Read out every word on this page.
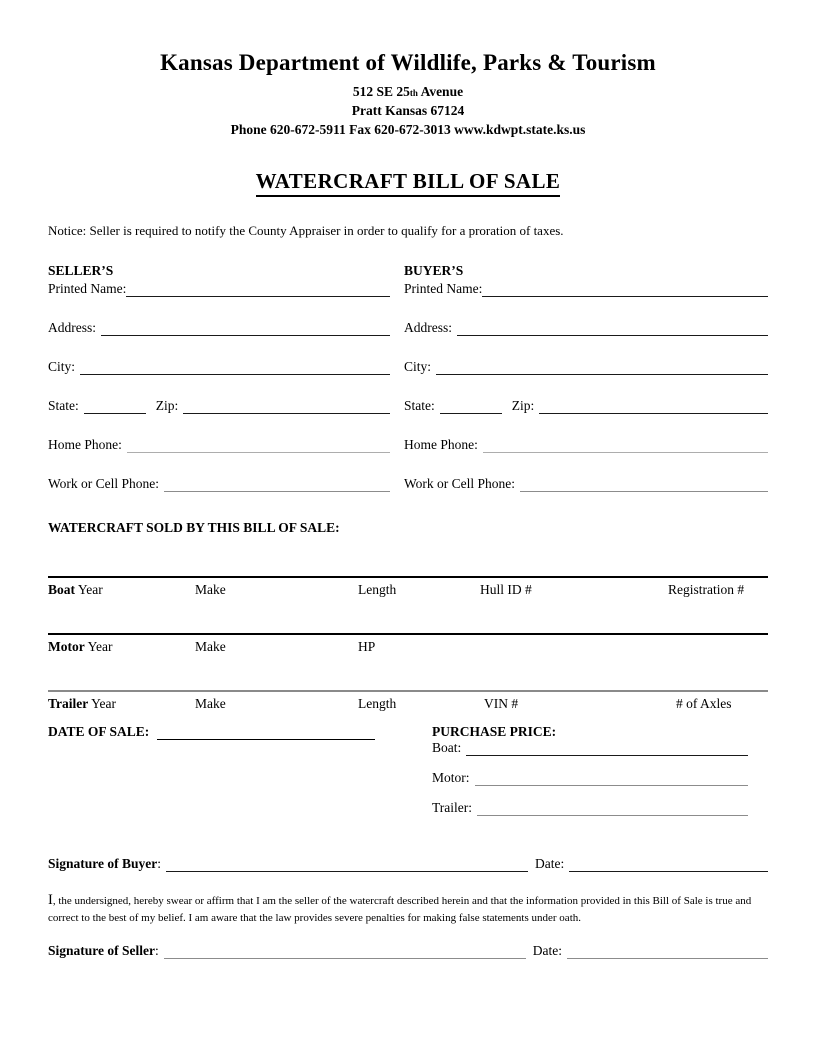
Kansas Department of Wildlife, Parks & Tourism
512 SE 25th Avenue
Pratt Kansas 67124
Phone 620-672-5911 Fax 620-672-3013 www.kdwpt.state.ks.us
WATERCRAFT BILL OF SALE
Notice: Seller is required to notify the County Appraiser in order to qualify for a proration of taxes.
SELLER’S
Printed Name:
Address:
City:
State:	Zip:
Home Phone:
Work or Cell Phone:
BUYER’S
Printed Name:
Address:
City:
State:	Zip:
Home Phone:
Work or Cell Phone:
WATERCRAFT SOLD BY THIS BILL OF SALE:
Boat Year	Make	Length	Hull ID #	Registration #
Motor Year	Make	HP
Trailer Year	Make	Length	VIN #	# of Axles
DATE OF SALE:	PURCHASE PRICE:
Boat:
Motor:
Trailer:
Signature of Buyer :	Date:
I, the undersigned, hereby swear or affirm that I am the seller of the watercraft described herein and that the information provided in this Bill of Sale is true and correct to the best of my belief. I am aware that the law provides severe penalties for making false statements under oath.
Signature of Seller :	Date:
